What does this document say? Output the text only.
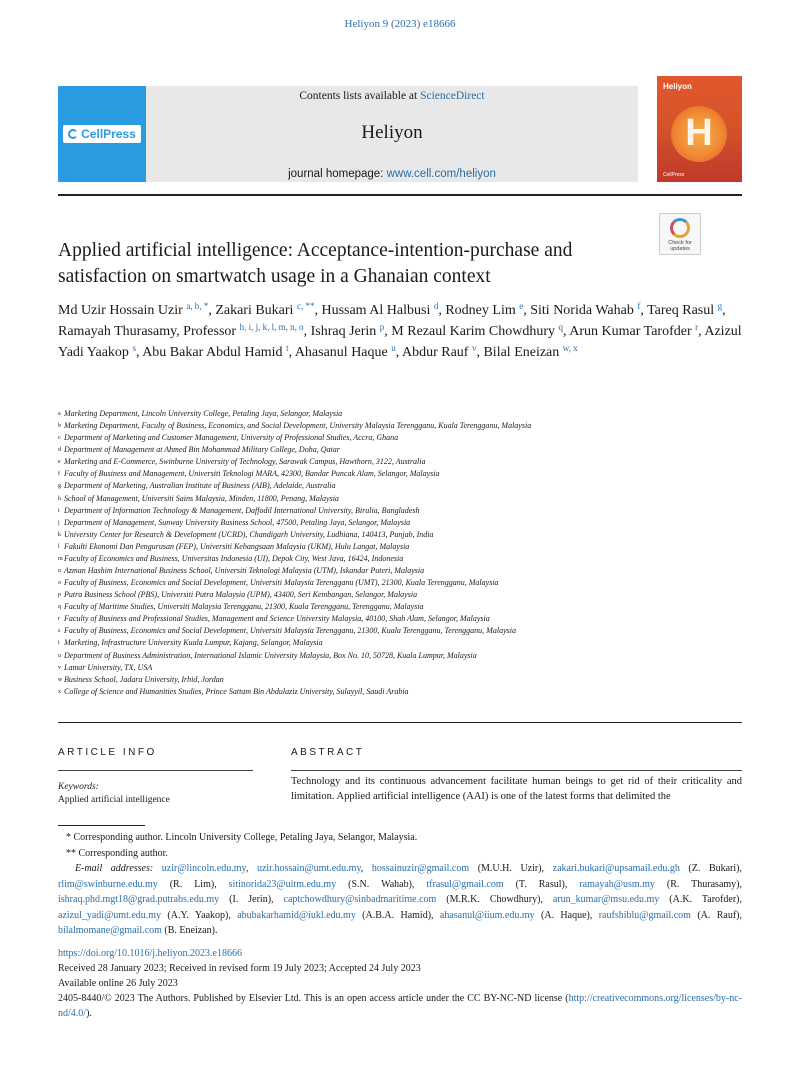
Heliyon 9 (2023) e18666
CellPress
Contents lists available at ScienceDirect
Heliyon
journal homepage: www.cell.com/heliyon
Heliyon
H
CellPress
Applied artificial intelligence: Acceptance-intention-purchase and satisfaction on smartwatch usage in a Ghanaian context
Check for updates
Md Uzir Hossain Uzir $^{a, b, *}$, Zakari Bukari $^{c, **}$, Hussam Al Halbusi $^d$, Rodney Lim $^e$, Siti Norida Wahab $^f$, Tareq Rasul $^g$, Ramayah Thurasamy, Professor $^{h, i, j, k, l, m, n, o}$, Ishraq Jerin $^p$, M Rezaul Karim Chowdhury $^q$, Arun Kumar Tarofder $^r$, Azizul Yadi Yaakop $^s$, Abu Bakar Abdul Hamid $^t$, Ahasanul Haque $^u$, Abdur Rauf $^v$, Bilal Eneizan $^{w, x}$
a Marketing Department, Lincoln University College, Petaling Jaya, Selangor, Malaysia
b Marketing Department, Faculty of Business, Economics, and Social Development, University Malaysia Terengganu, Kuala Terengganu, Malaysia
c Department of Marketing and Customer Management, University of Professional Studies, Accra, Ghana
d Department of Management at Ahmed Bin Mohammad Military College, Doha, Qatar
e Marketing and E-Commerce, Swinburne University of Technology, Sarawak Campus, Hawthorn, 3122, Australia
f Faculty of Business and Management, Universiti Teknologi MARA, 42300, Bandar Puncak Alam, Selangor, Malaysia
g Department of Marketing, Australian Institute of Business (AIB), Adelaide, Australia
h School of Management, Universiti Sains Malaysia, Minden, 11800, Penang, Malaysia
i Department of Information Technology & Management, Daffodil International University, Birulia, Bangladesh
j Department of Management, Sunway University Business School, 47500, Petaling Jaya, Selangor, Malaysia
k University Center for Research & Development (UCRD), Chandigarh University, Ludhiana, 140413, Punjab, India
l Fakulti Ekonomi Dan Pengurusan (FEP), Universiti Kebangsaan Malaysia (UKM), Hulu Langat, Malaysia
m Faculty of Economics and Business, Universitas Indonesia (UI), Depok City, West Java, 16424, Indonesia
n Azman Hashim International Business School, Universiti Teknologi Malaysia (UTM), Iskandar Puteri, Malaysia
o Faculty of Business, Economics and Social Development, Universiti Malaysia Terengganu (UMT), 21300, Kuala Terengganu, Malaysia
p Putra Business School (PBS), Universiti Putra Malaysia (UPM), 43400, Seri Kembangan, Selangor, Malaysia
q Faculty of Maritime Studies, Universiti Malaysia Terengganu, 21300, Kuala Terengganu, Terengganu, Malaysia
r Faculty of Business and Professional Studies, Management and Science University Malaysia, 40100, Shah Alam, Selangor, Malaysia
s Faculty of Business, Economics and Social Development, Universiti Malaysia Terengganu, 21300, Kuala Terengganu, Terengganu, Malaysia
t Marketing, Infrastructure University Kuala Lumpur, Kajang, Selangor, Malaysia
u Department of Business Administration, International Islamic University Malaysia, Box No. 10, 50728, Kuala Lumpur, Malaysia
v Lamar University, TX, USA
w Business School, Jadara University, Irbid, Jordan
x College of Science and Humanities Studies, Prince Sattam Bin Abdulaziz University, Sulayyil, Saudi Arabia
ARTICLE INFO	ABSTRACT
Keywords:
Applied artificial intelligence
Technology and its continuous advancement facilitate human beings to get rid of their criticality and limitation. Applied artificial intelligence (AAI) is one of the latest forms that delimited the
* Corresponding author. Lincoln University College, Petaling Jaya, Selangor, Malaysia.
** Corresponding author.
E-mail addresses: uzir@lincoln.edu.my, uzir.hossain@umt.edu.my, hossainuzir@gmail.com (M.U.H. Uzir), zakari.bukari@upsamail.edu.gh (Z. Bukari), rlim@swinburne.edu.my (R. Lim), sitinorida23@uitm.edu.my (S.N. Wahab), tfrasul@gmail.com (T. Rasul), ramayah@usm.my (R. Thurasamy), ishraq.phd.mgt18@grad.putrabs.edu.my (I. Jerin), captchowdhury@sinbadmaritime.com (M.R.K. Chowdhury), arun_kumar@msu.edu.my (A.K. Tarofder), azizul_yadi@umt.edu.my (A.Y. Yaakop), abubakarhamid@iukl.edu.my (A.B.A. Hamid), ahasanul@iium.edu.my (A. Haque), raufshiblu@gmail.com (A. Rauf), bilalmomane@gmail.com (B. Eneizan).
https://doi.org/10.1016/j.heliyon.2023.e18666
Received 28 January 2023; Received in revised form 19 July 2023; Accepted 24 July 2023
Available online 26 July 2023
2405-8440/© 2023 The Authors. Published by Elsevier Ltd. This is an open access article under the CC BY-NC-ND license (http://creativecommons.org/licenses/by-nc-nd/4.0/).
